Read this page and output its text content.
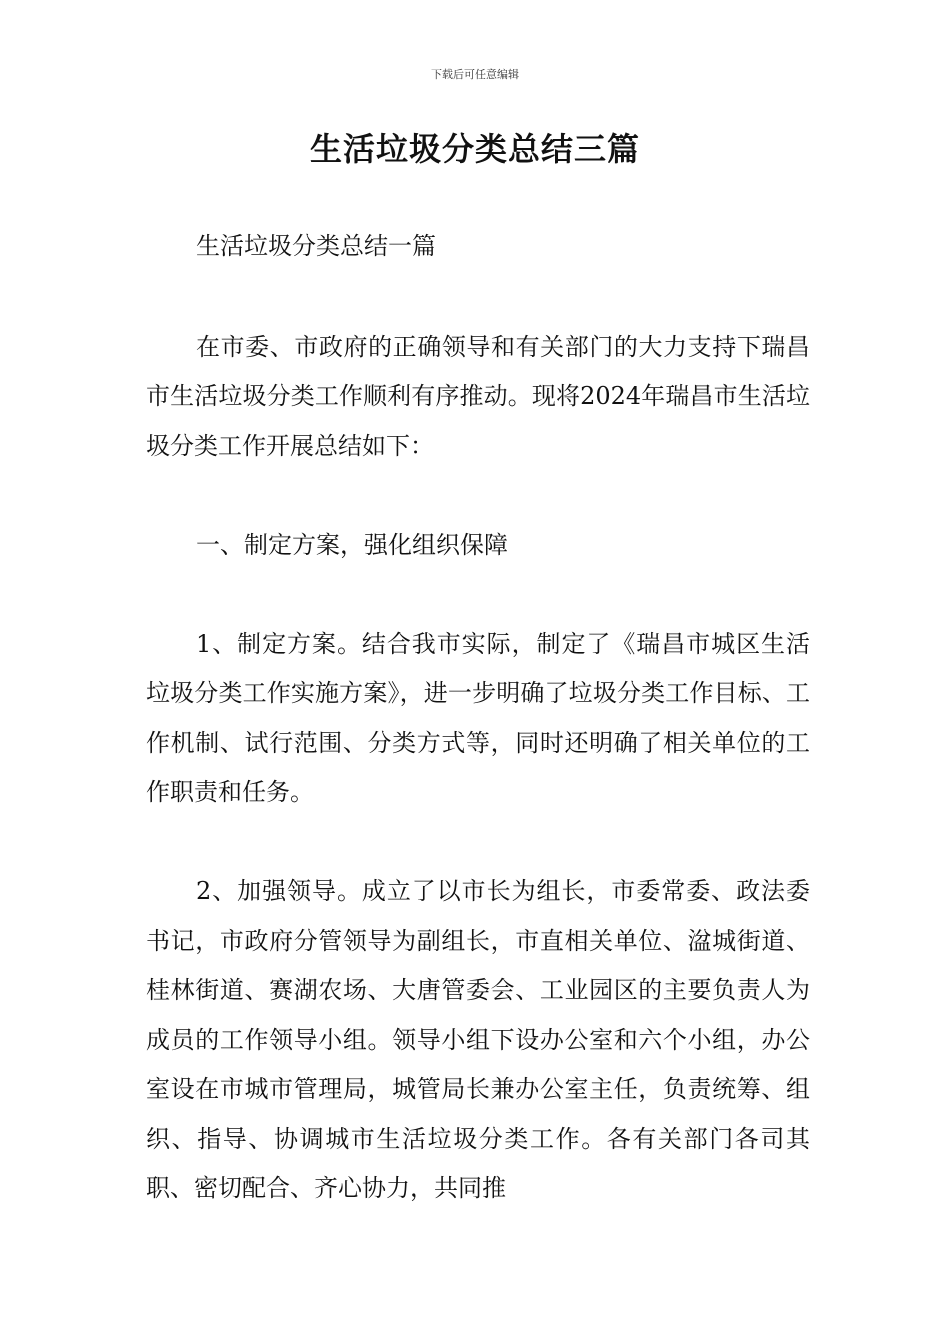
下载后可任意编辑
生活垃圾分类总结三篇

生活垃圾分类总结一篇

在市委、市政府的正确领导和有关部门的大力支持下瑞昌市生活垃圾分类工作顺利有序推动。现将2024年瑞昌市生活垃圾分类工作开展总结如下：

一、制定方案，强化组织保障

1、制定方案。结合我市实际，制定了《瑞昌市城区生活垃圾分类工作实施方案》，进一步明确了垃圾分类工作目标、工作机制、试行范围、分类方式等，同时还明确了相关单位的工作职责和任务。

2、加强领导。成立了以市长为组长，市委常委、政法委书记，市政府分管领导为副组长，市直相关单位、湓城街道、桂林街道、赛湖农场、大唐管委会、工业园区的主要负责人为成员的工作领导小组。领导小组下设办公室和六个小组，办公室设在市城市管理局，城管局长兼办公室主任，负责统筹、组织、指导、协调城市生活垃圾分类工作。各有关部门各司其职、密切配合、齐心协力，共同推
